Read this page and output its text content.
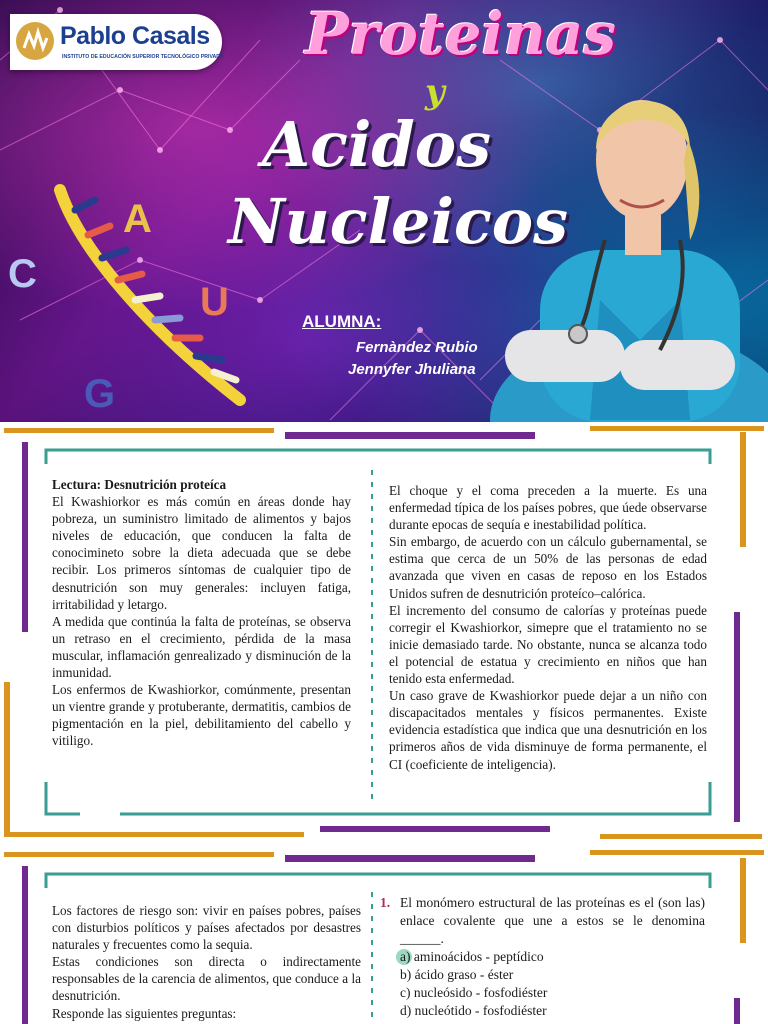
Pablo Casals
INSTITUTO DE EDUCACIÓN SUPERIOR TECNOLÓGICO PRIVADO Proteinas
y
Acidos
Nucleicos
ALUMNA:
Fernàndez Rubio
Jennyfer Jhuliana
C
A
U
G

Lectura: Desnutrición proteíca

El Kwashiorkor es más común en áreas donde hay pobreza, un suministro limitado de alimentos y bajos niveles de educación, que conducen la falta de conocimineto sobre la dieta adecuada que se debe recibir. Los primeros síntomas de cualquier tipo de desnutrición son muy generales: incluyen fatiga, irritabilidad y letargo.

A medida que continúa la falta de proteínas, se observa un retraso en el crecimiento, pérdida de la masa muscular, inflamación genrealizado y disminución de la inmunidad.

Los enfermos de Kwashiorkor, comúnmente, presentan un vientre grande y protuberante, dermatitis, cambios de pigmentación en la piel, debilitamiento del cabello y vitiligo.

El choque y el coma preceden a la muerte. Es una enfermedad típica de los países pobres, que úede observarse durante epocas de sequía e inestabilidad política.

Sin embargo, de acuerdo con un cálculo gubernamental, se estima que cerca de un 50% de las personas de edad avanzada que viven en casas de reposo en los Estados Unidos sufren de desnutrición proteíco–calórica.

El incremento del consumo de calorías y proteínas puede corregir el Kwashiorkor, simepre que el tratamiento no se inicie demasiado tarde. No obstante, nunca se alcanza todo el potencial de estatua y crecimiento en niños que han tenido esta enfermedad.

Un caso grave de Kwashiorkor puede dejar a un niño con discapacitados mentales y físicos permanentes. Existe evidencia estadística que indica que una desnutrición en los primeros años de vida disminuye de forma permanente, el CI (coeficiente de inteligencia).

Los factores de riesgo son: vivir en países pobres, países con disturbios políticos y países afectados por desastres naturales y frecuentes como la sequia.

Estas condiciones son directa o indirectamente responsables de la carencia de alimentos, que conduce a la desnutrición.

Responde las siguientes preguntas:

1. El monómero estructural de las proteínas es el (son las) enlace covalente que une a estos se le denomina ______.
a) aminoácidos - peptídico
b) ácido graso - éster
c) nucleósido - fosfodiéster
d) nucleótido - fosfodiéster
